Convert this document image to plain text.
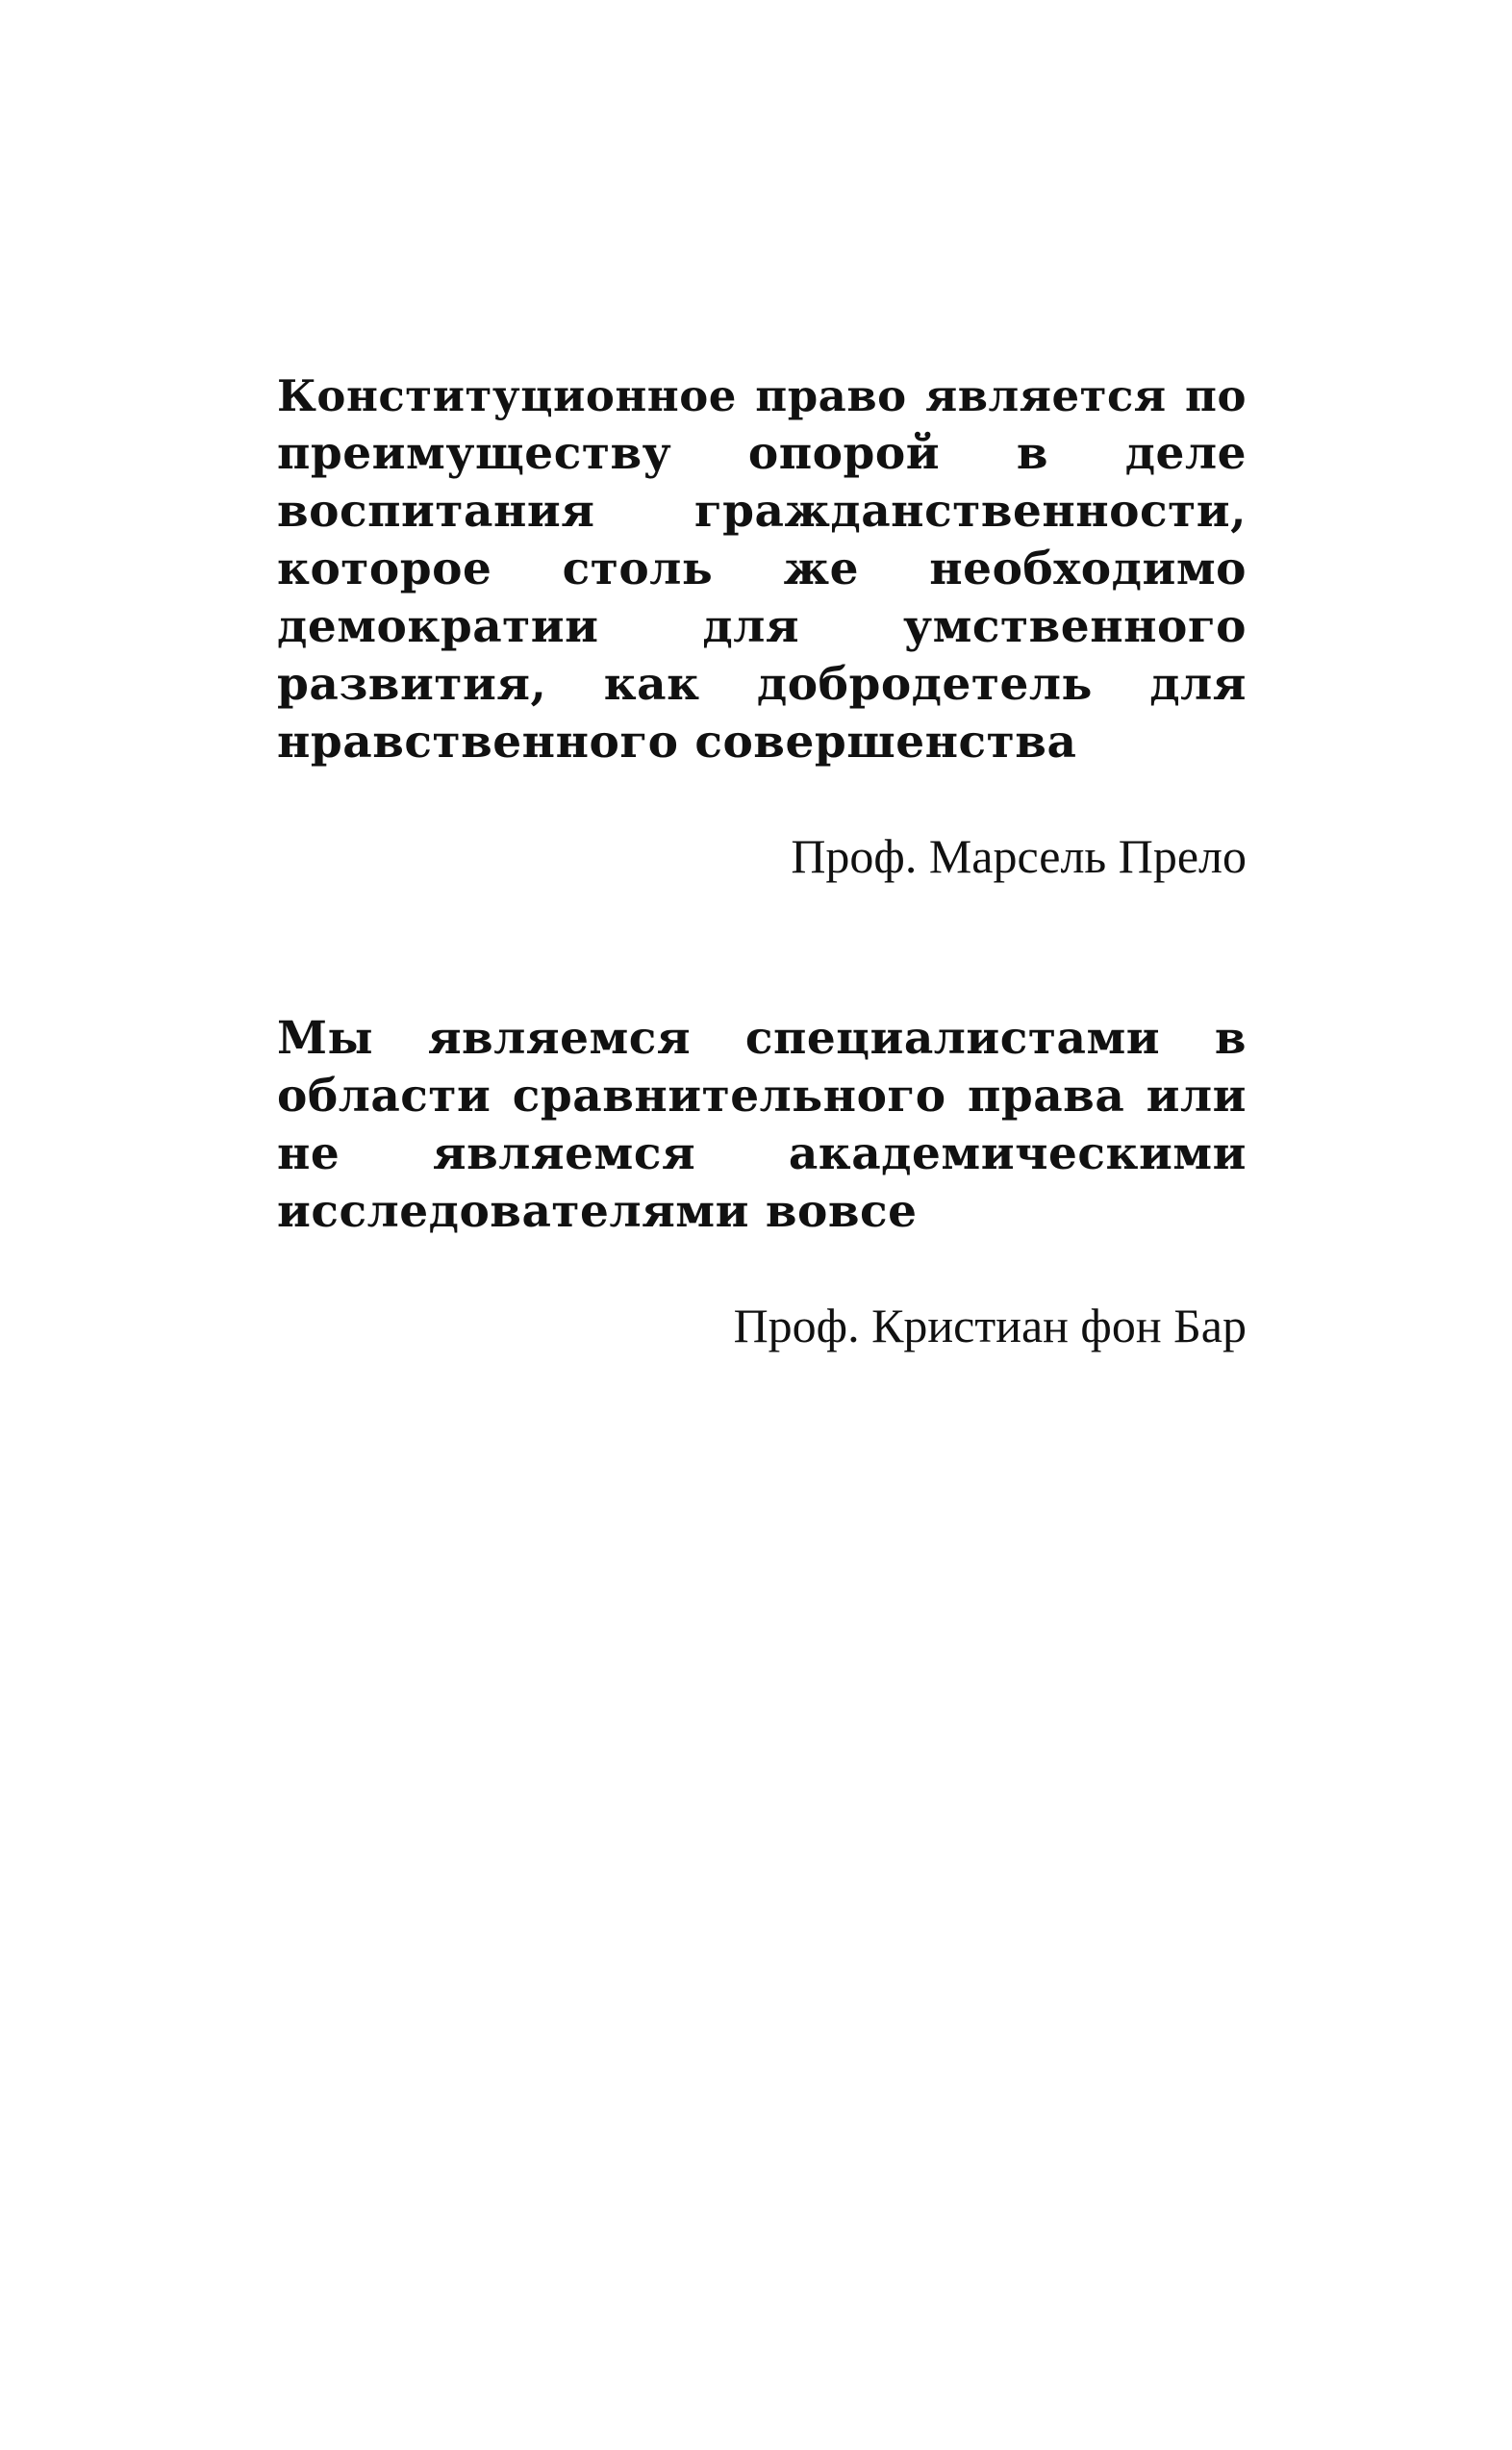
Конституционное право является по
преимуществу опорой в деле
воспитания гражданственности,
которое столь же необходимо
демократии для умственного
развития, как добродетель для
нравственного совершенства
Проф. Марсель Прело
Мы являемся специалистами в
области сравнительного права или
не являемся академическими
исследователями вовсе
Проф. Кристиан фон Бар
